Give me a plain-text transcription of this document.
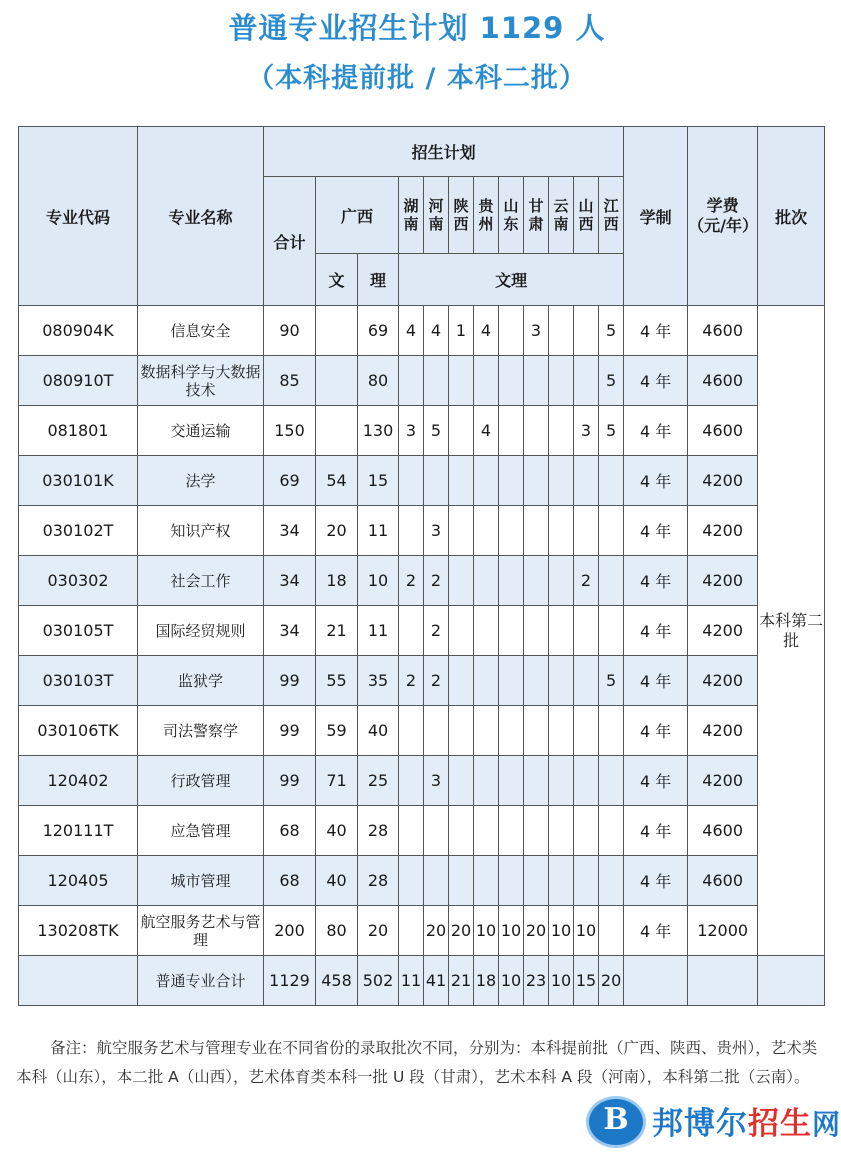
普通专业招生计划 1129 人
（本科提前批 / 本科二批）
专业代码	专业名称	招生计划												学制	学费（元/年）	批次
		合计	广西		湖南	河南	陕西	贵州	山东	甘肃	云南	山西	江西			
			文	理	文理											
080904K	信息安全	90		69	4	4	1	4		3			5	4 年	4600	本科第二批
080910T	数据科学与大数据技术	85		80									5	4 年	4600	
081801	交通运输	150		130	3	5		4				3	5	4 年	4600	
030101K	法学	69	54	15										4 年	4200	
030102T	知识产权	34	20	11		3								4 年	4200	
030302	社会工作	34	18	10	2	2						2		4 年	4200	
030105T	国际经贸规则	34	21	11		2								4 年	4200	
030103T	监狱学	99	55	35	2	2							5	4 年	4200	
030106TK	司法警察学	99	59	40										4 年	4200	
120402	行政管理	99	71	25		3								4 年	4200	
120111T	应急管理	68	40	28										4 年	4600	
120405	城市管理	68	40	28										4 年	4600	
130208TK	航空服务艺术与管理	200	80	20		20	20	10	10	20	10	10		4 年	12000	
	普通专业合计	1129	458	502	11	41	21	18	10	23	10	15	20			
备注：航空服务艺术与管理专业在不同省份的录取批次不同，分别为：本科提前批（广西、陕西、贵州），艺术类本科（山东），本二批 A（山西），艺术体育类本科一批 U 段（甘肃），艺术本科 A 段（河南），本科第二批（云南）。
B 邦博尔招生网
